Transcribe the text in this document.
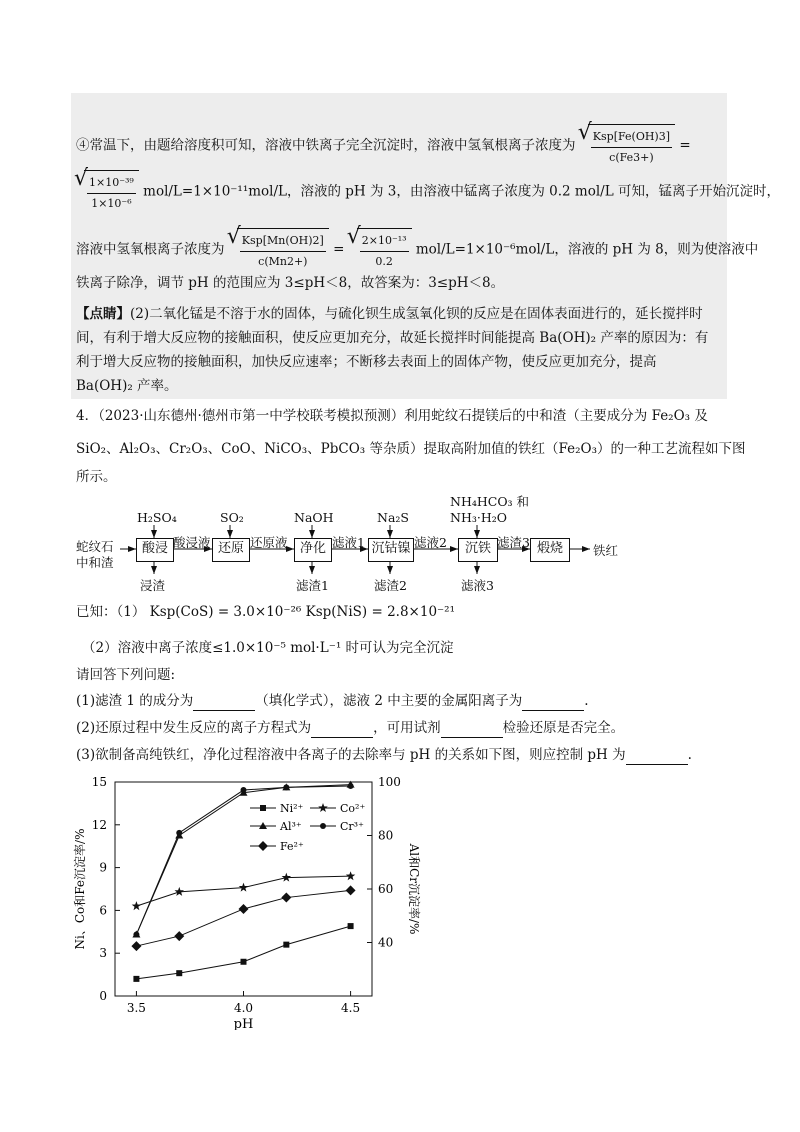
④常温下，由题给溶度积可知，溶液中铁离子完全沉淀时，溶液中氢氧根离子浓度为 √ $\frac{\text{Ksp[Fe(OH)3]}}{c(Fe3+)}$ =
√ $\frac{\text{1×10⁻³⁹}}{\text{1×10⁻⁶}} mol/L=1\times 10^{-11}mol/L$，溶液的 pH 为 3，由溶液中锰离子浓度为 0.2 mol/L 可知，锰离子开始沉淀时，
溶液中氢氧根离子浓度为 √ $\frac{\text{Ksp[Mn(OH)2]}}{c(Mn2+)}$ = √ $\frac{\text{2×10⁻¹³}}{0.2} mol/L=1\times 10^{-6}mol/L$，溶液的 pH 为 8，则为使溶液中
铁离子除净，调节 pH 的范围应为 3≤pH＜8，故答案为：3≤pH＜8。
【点睛】(2)二氧化锰是不溶于水的固体，与硫化钡生成氢氧化钡的反应是在固体表面进行的，延长搅拌时
间，有利于增大反应物的接触面积，使反应更加充分，故延长搅拌时间能提高 Ba(OH)₂ 产率的原因为：有
利于增大反应物的接触面积，加快反应速率；不断移去表面上的固体产物，使反应更加充分，提高
Ba(OH)₂ 产率。
4．（2023·山东德州·德州市第一中学校联考模拟预测）利用蛇纹石提镁后的中和渣（主要成分为 Fe₂O₃ 及
SiO₂、Al₂O₃、Cr₂O₃、CoO、NiCO₃、PbCO₃ 等杂质）提取高附加值的铁红（Fe₂O₃）的一种工艺流程如下图
所示。
蛇纹石
中和渣
H₂SO₄	SO₂	NaOH	Na₂S
NH₄HCO₃ 和
NH₃·H₂O
酸浸	还原	净化	沉钴镍	沉铁	煅烧
酸浸液	还原液	滤液1	滤液2	滤渣3
铁红
浸渣	滤渣1	滤渣2	滤液3
已知：（1） Ksp(CoS) = 3.0×10⁻²⁶ Ksp(NiS) = 2.8×10⁻²¹
（2）溶液中离子浓度≤1.0×10⁻⁵ mol·L⁻¹ 时可认为完全沉淀
请回答下列问题:
(1)滤渣 1 的成分为	（填化学式），滤液 2 中主要的金属阳离子为	.
(2)还原过程中发生反应的离子方程式为	，可用试剂	检验还原是否完全。
(3)欲制备高纯铁红，净化过程溶液中各离子的去除率与 pH 的关系如下图，则应控制 pH 为	.
0
3
6
9
12
15
40
60
80
100
3.5	4.0	4.5
pH
Ni、Co和Fe沉淀率/%	Al和Cr沉淀率/%
Ni²⁺	Co²⁺
Al³⁺	Cr³⁺
Fe²⁺
